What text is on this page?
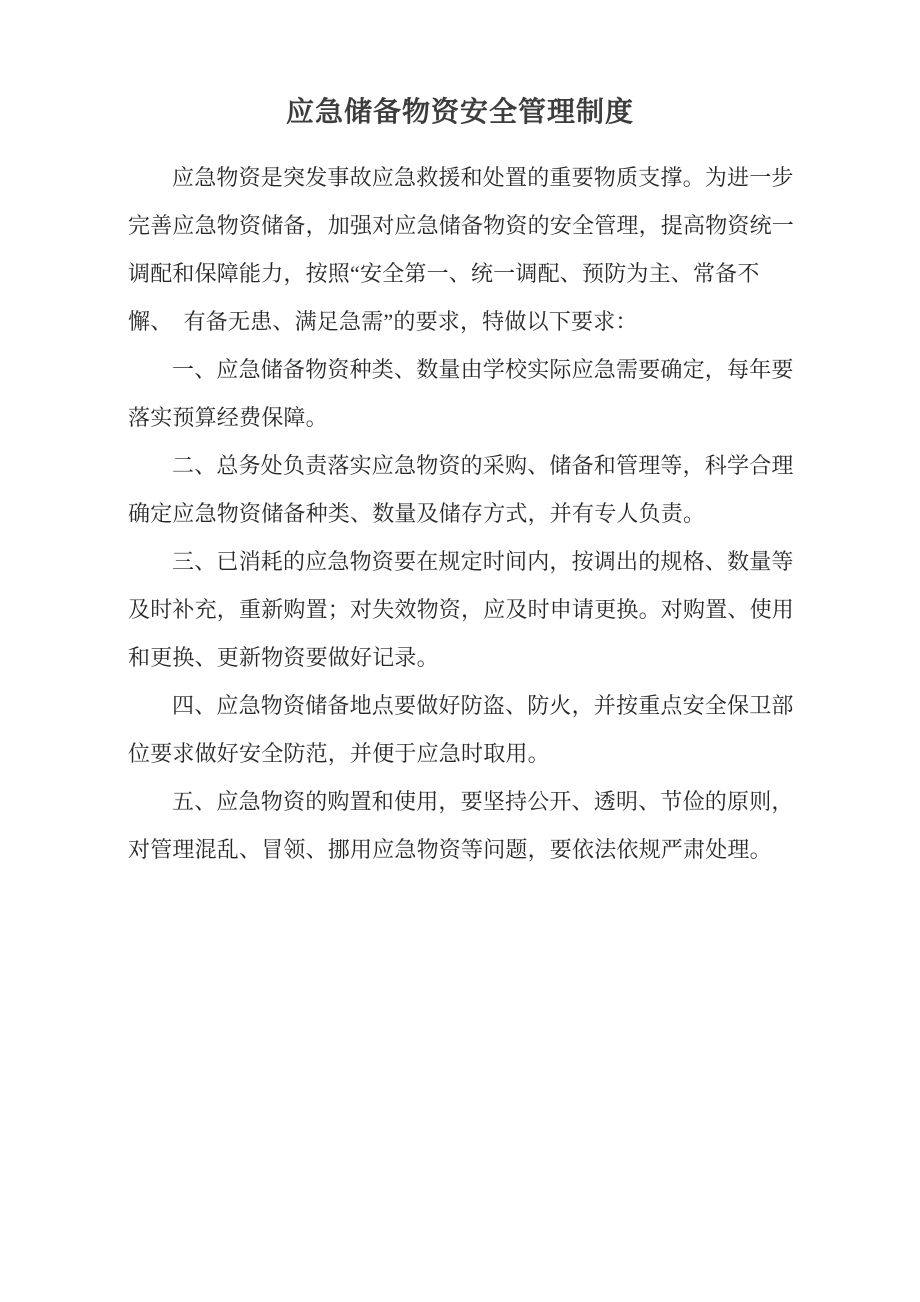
应急储备物资安全管理制度

应急物资是突发事故应急救援和处置的重要物质支撑。为进一步
完善应急物资储备，加强对应急储备物资的安全管理，提高物资统一
调配和保障能力，按照“安全第一、统一调配、预防为主、常备不
懈、　有备无患、满足急需”的要求，特做以下要求：

一、应急储备物资种类、数量由学校实际应急需要确定，每年要
落实预算经费保障。

二、总务处负责落实应急物资的采购、储备和管理等，科学合理
确定应急物资储备种类、数量及储存方式，并有专人负责。

三、已消耗的应急物资要在规定时间内，按调出的规格、数量等
及时补充，重新购置；对失效物资，应及时申请更换。对购置、使用
和更换、更新物资要做好记录。

四、应急物资储备地点要做好防盗、防火，并按重点安全保卫部
位要求做好安全防范，并便于应急时取用。

五、应急物资的购置和使用，要坚持公开、透明、节俭的原则，
对管理混乱、冒领、挪用应急物资等问题，要依法依规严肃处理。
